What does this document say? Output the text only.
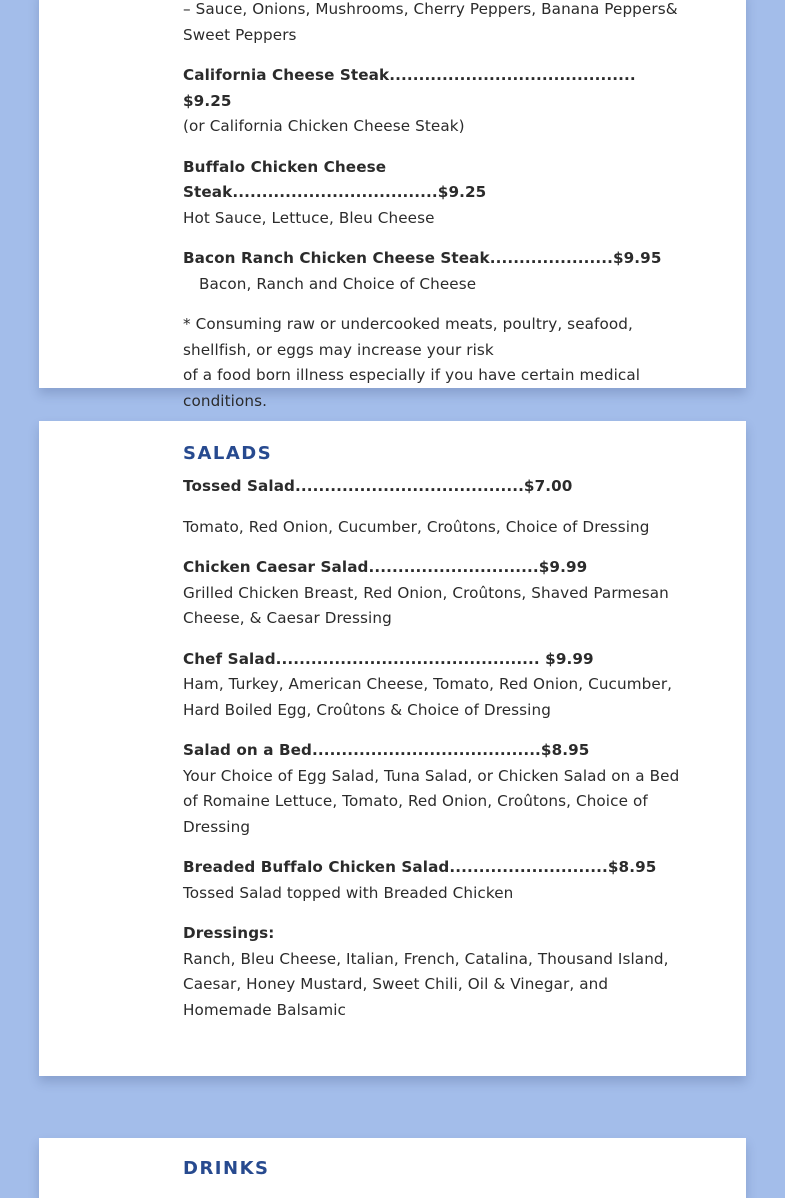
– Sauce, Onions, Mushrooms, Cherry Peppers, Banana Peppers& Sweet Peppers

California Cheese Steak.......................................... $9.25
(or California Chicken Cheese Steak)

Buffalo Chicken Cheese Steak...................................$9.25
Hot Sauce, Lettuce, Bleu Cheese

Bacon Ranch Chicken Cheese Steak.....................$9.95
Bacon, Ranch and Choice of Cheese

* Consuming raw or undercooked meats, poultry, seafood, shellfish, or eggs may increase your risk
of a food born illness especially if you have certain medical conditions.

SALADS

Tossed Salad.......................................$7.00

Tomato, Red Onion, Cucumber, Croûtons, Choice of Dressing

Chicken Caesar Salad.............................$9.99
Grilled Chicken Breast, Red Onion, Croûtons, Shaved Parmesan Cheese, & Caesar Dressing

Chef Salad............................................. $9.99
Ham, Turkey, American Cheese, Tomato, Red Onion, Cucumber, Hard Boiled Egg, Croûtons & Choice of Dressing

Salad on a Bed.......................................$8.95
Your Choice of Egg Salad, Tuna Salad, or Chicken Salad on a Bed of Romaine Lettuce, Tomato, Red Onion, Croûtons, Choice of Dressing

Breaded Buffalo Chicken Salad...........................$8.95
Tossed Salad topped with Breaded Chicken

Dressings:
Ranch, Bleu Cheese, Italian, French, Catalina, Thousand Island, Caesar, Honey Mustard, Sweet Chili, Oil & Vinegar, and Homemade Balsamic

DRINKS
